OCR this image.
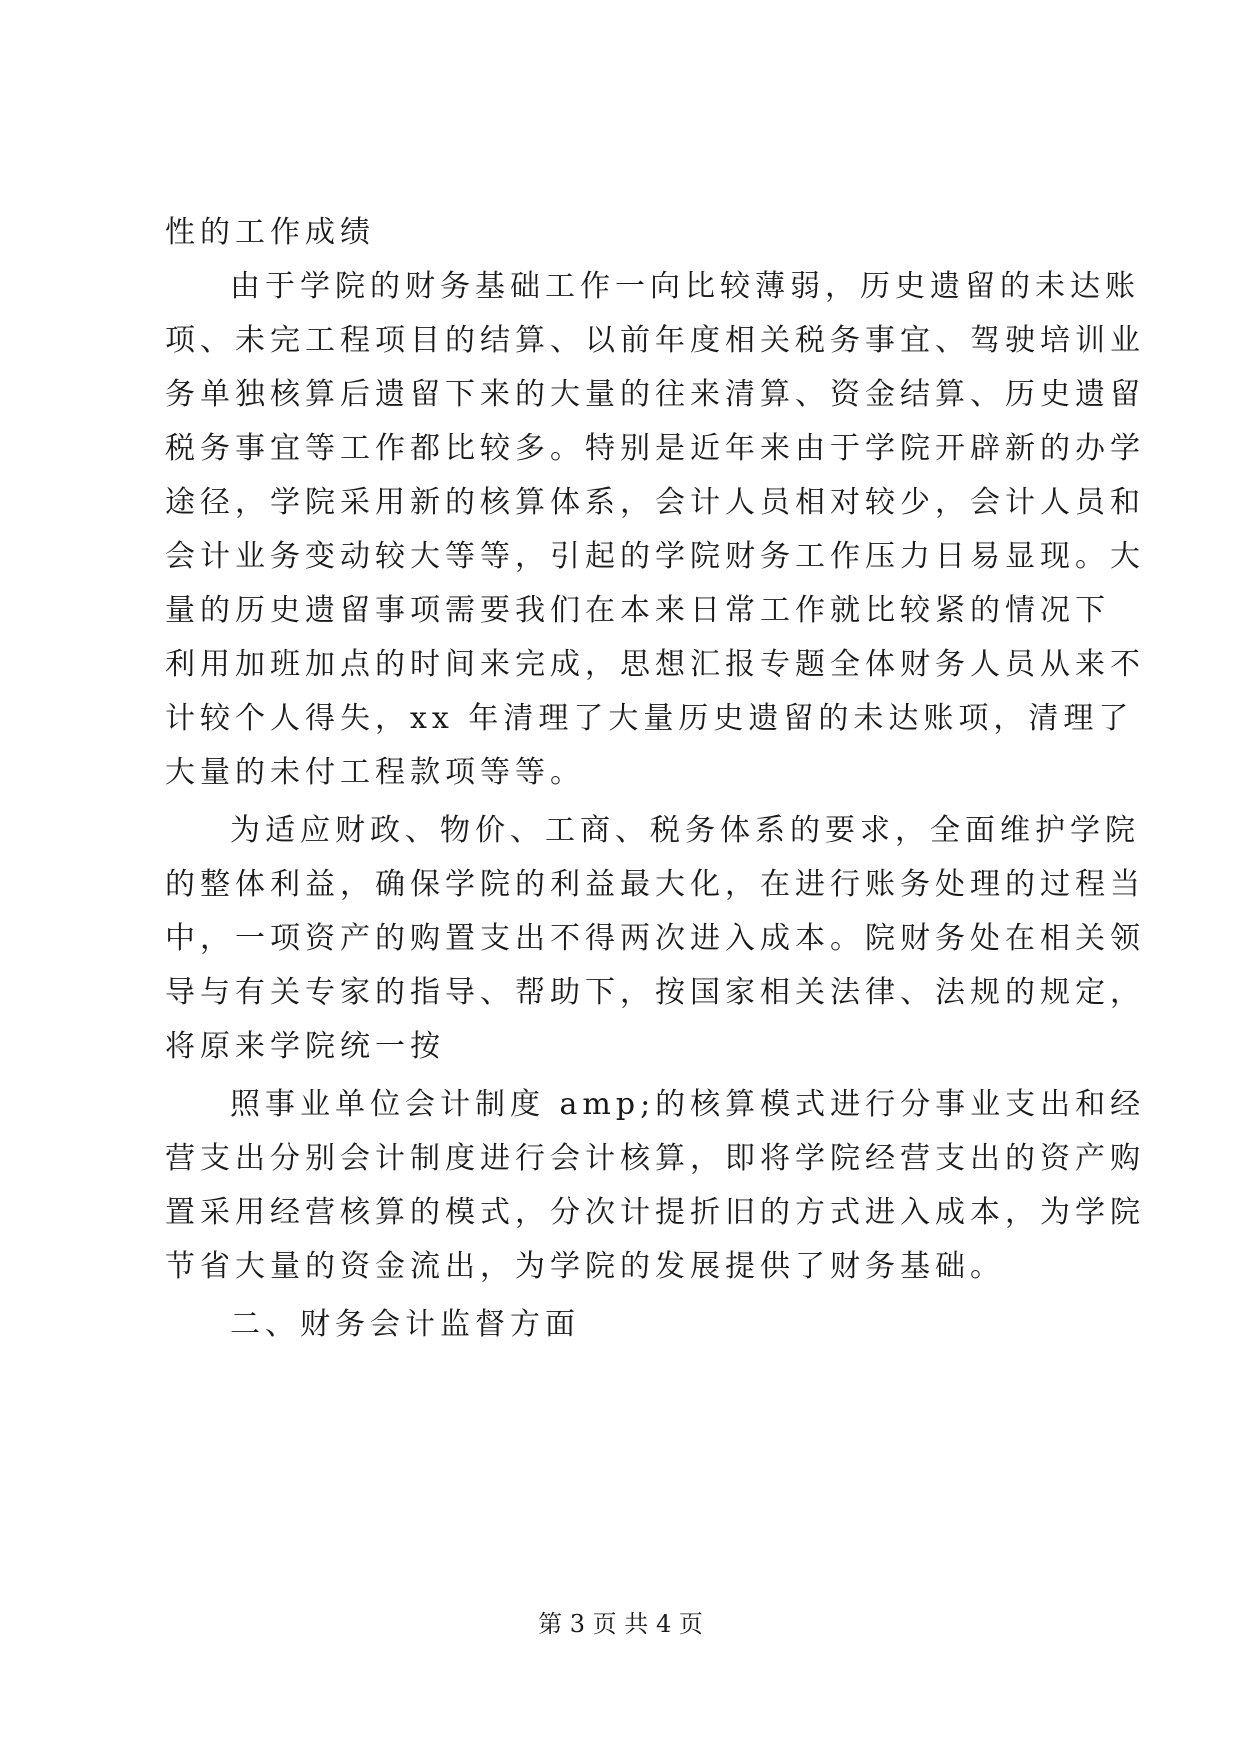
性的工作成绩

由于学院的财务基础工作一向比较薄弱，历史遗留的未达账

项、未完工程项目的结算、以前年度相关税务事宜、驾驶培训业

务单独核算后遗留下来的大量的往来清算、资金结算、历史遗留

税务事宜等工作都比较多。特别是近年来由于学院开辟新的办学

途径，学院采用新的核算体系，会计人员相对较少，会计人员和

会计业务变动较大等等，引起的学院财务工作压力日易显现。大

量的历史遗留事项需要我们在本来日常工作就比较紧的情况下

利用加班加点的时间来完成，思想汇报专题全体财务人员从来不

计较个人得失，xx 年清理了大量历史遗留的未达账项，清理了

大量的未付工程款项等等。

为适应财政、物价、工商、税务体系的要求，全面维护学院

的整体利益，确保学院的利益最大化，在进行账务处理的过程当

中，一项资产的购置支出不得两次进入成本。院财务处在相关领

导与有关专家的指导、帮助下，按国家相关法律、法规的规定，

将原来学院统一按

照事业单位会计制度 amp;的核算模式进行分事业支出和经

营支出分别会计制度进行会计核算，即将学院经营支出的资产购

置采用经营核算的模式，分次计提折旧的方式进入成本，为学院

节省大量的资金流出，为学院的发展提供了财务基础。

二、财务会计监督方面

第 3 页 共 4 页
